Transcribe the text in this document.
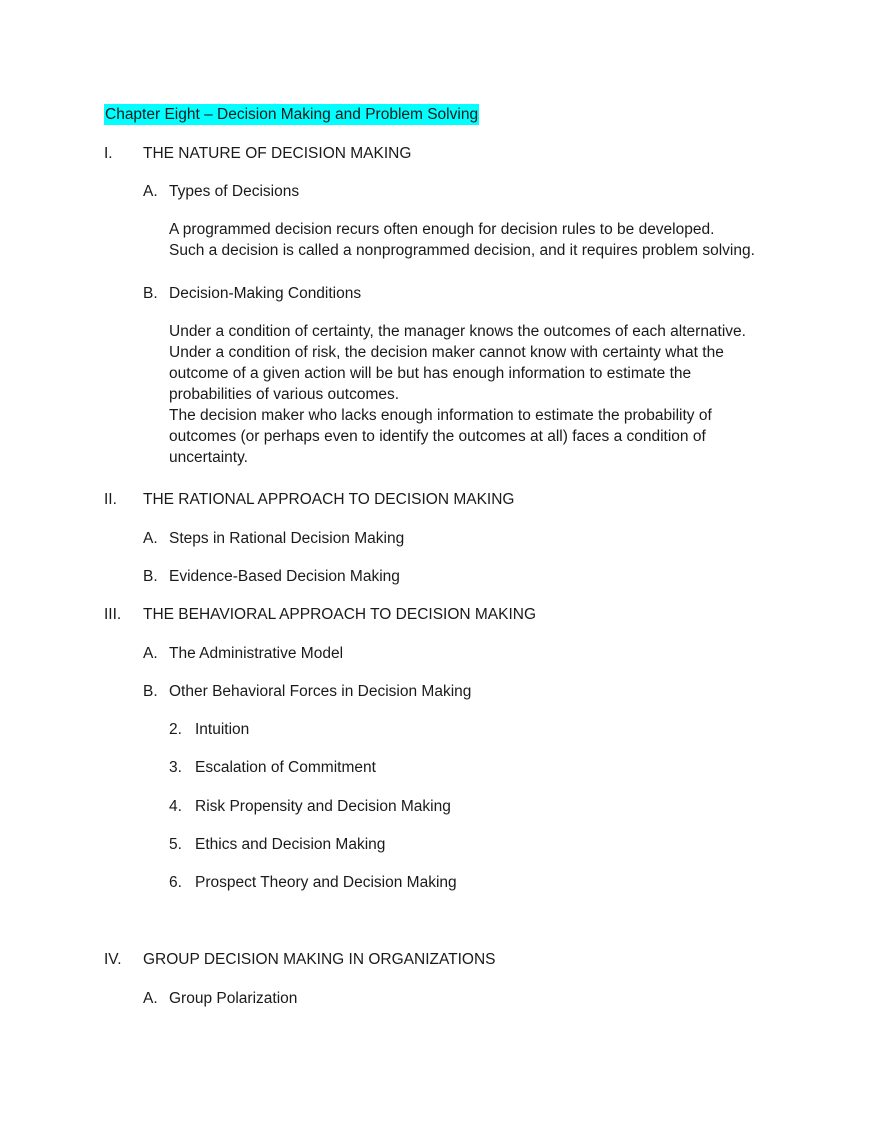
Chapter Eight – Decision Making and Problem Solving
I. THE NATURE OF DECISION MAKING
A. Types of Decisions
A programmed decision recurs often enough for decision rules to be developed.
Such a decision is called a nonprogrammed decision, and it requires problem solving.
B. Decision-Making Conditions
Under a condition of certainty, the manager knows the outcomes of each alternative.
Under a condition of risk, the decision maker cannot know with certainty what the
outcome of a given action will be but has enough information to estimate the
probabilities of various outcomes.
The decision maker who lacks enough information to estimate the probability of
outcomes (or perhaps even to identify the outcomes at all) faces a condition of
uncertainty.
II. THE RATIONAL APPROACH TO DECISION MAKING
A. Steps in Rational Decision Making
B. Evidence-Based Decision Making
III. THE BEHAVIORAL APPROACH TO DECISION MAKING
A. The Administrative Model
B. Other Behavioral Forces in Decision Making
2. Intuition
3. Escalation of Commitment
4. Risk Propensity and Decision Making
5. Ethics and Decision Making
6. Prospect Theory and Decision Making
IV. GROUP DECISION MAKING IN ORGANIZATIONS
A. Group Polarization
